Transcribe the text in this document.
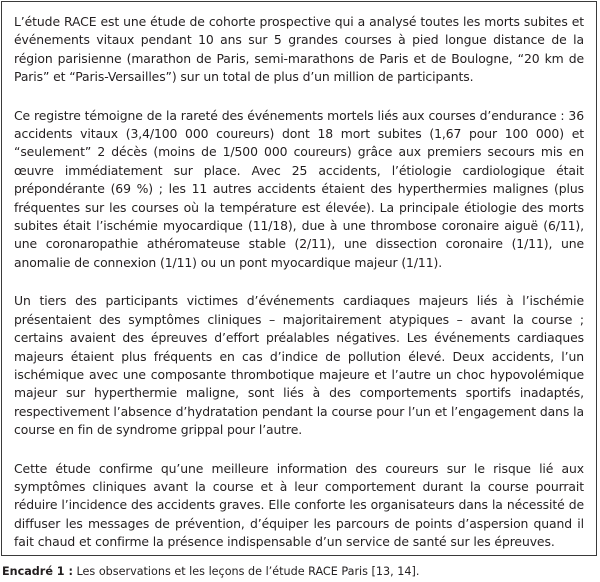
L’étude RACE est une étude de cohorte prospective qui a analysé toutes les morts subites et événements vitaux pendant 10 ans sur 5 grandes courses à pied longue distance de la région parisienne (marathon de Paris, semi-marathons de Paris et de Boulogne, “20 km de Paris” et “Paris-Versailles”) sur un total de plus d’un million de participants.

Ce registre témoigne de la rareté des événements mortels liés aux courses d’endurance : 36 accidents vitaux (3,4/100 000 coureurs) dont 18 mort subites (1,67 pour 100 000) et “seulement” 2 décès (moins de 1/500 000 coureurs) grâce aux premiers secours mis en œuvre immédiatement sur place. Avec 25 accidents, l’étiologie cardiologique était prépondérante (69 %) ; les 11 autres accidents étaient des hyperthermies malignes (plus fréquentes sur les courses où la température est élevée). La principale étiologie des morts subites était l’ischémie myocardique (11/18), due à une thrombose coronaire aiguë (6/11), une coronaropathie athéromateuse stable (2/11), une dissection coronaire (1/11), une anomalie de connexion (1/11) ou un pont myocardique majeur (1/11).

Un tiers des participants victimes d’événements cardiaques majeurs liés à l’ischémie présentaient des symptômes cliniques – majoritairement atypiques – avant la course ; certains avaient des épreuves d’effort préalables négatives. Les événements cardiaques majeurs étaient plus fréquents en cas d’indice de pollution élevé. Deux accidents, l’un ischémique avec une composante thrombotique majeure et l’autre un choc hypovolémique majeur sur hyperthermie maligne, sont liés à des comportements sportifs inadaptés, respectivement l’absence d’hydratation pendant la course pour l’un et l’engagement dans la course en fin de syndrome grippal pour l’autre.

Cette étude confirme qu’une meilleure information des coureurs sur le risque lié aux symptômes cliniques avant la course et à leur comportement durant la course pourrait réduire l’incidence des accidents graves. Elle conforte les organisateurs dans la nécessité de diffuser les messages de prévention, d’équiper les parcours de points d’aspersion quand il fait chaud et confirme la présence indispensable d’un service de santé sur les épreuves.

Encadré 1 : Les observations et les leçons de l’étude RACE Paris [13, 14].
